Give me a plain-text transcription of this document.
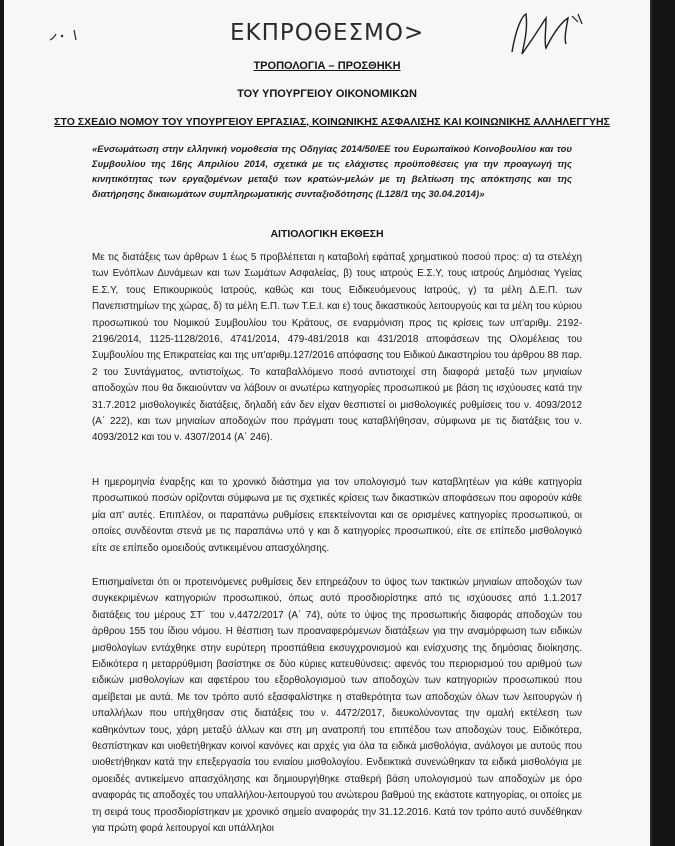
ΕΚΠΡΟΘΕΣΜΟ>
ΤΡΟΠΟΛΟΓΙΑ – ΠΡΟΣΘΗΚΗ
ΤΟΥ ΥΠΟΥΡΓΕΙΟΥ ΟΙΚΟΝΟΜΙΚΩΝ
ΣΤΟ ΣΧΕΔΙΟ ΝΟΜΟΥ ΤΟΥ ΥΠΟΥΡΓΕΙΟΥ ΕΡΓΑΣΙΑΣ, ΚΟΙΝΩΝΙΚΗΣ ΑΣΦΑΛΙΣΗΣ ΚΑΙ ΚΟΙΝΩΝΙΚΗΣ ΑΛΛΗΛΕΓΓΥΗΣ
«Ενσωμάτωση στην ελληνική νομοθεσία της Οδηγίας 2014/50/ΕΕ του Ευρωπαϊκού Κοινοβουλίου και του Συμβουλίου της 16ης Απριλίου 2014, σχετικά με τις ελάχιστες προϋποθέσεις για την προαγωγή της κινητικότητας των εργαζομένων μεταξύ των κρατών-μελών με τη βελτίωση της απόκτησης και της διατήρησης δικαιωμάτων συμπληρωματικής συνταξιοδότησης (L128/1 της 30.04.2014)»
ΑΙΤΙΟΛΟΓΙΚΗ ΕΚΘΕΣΗ
Με τις διατάξεις των άρθρων 1 έως 5 προβλέπεται η καταβολή εφάπαξ χρηματικού ποσού προς: α) τα στελέχη των Ενόπλων Δυνάμεων και των Σωμάτων Ασφαλείας, β) τους ιατρούς Ε.Σ.Υ, τους ιατρούς Δημόσιας Υγείας Ε.Σ.Υ, τους Επικουρικούς Ιατρούς, καθώς και τους Ειδικευόμενους Ιατρούς, γ) τα μέλη Δ.Ε.Π. των Πανεπιστημίων της χώρας, δ) τα μέλη Ε.Π. των Τ.Ε.Ι. και ε) τους δικαστικούς λειτουργούς και τα μέλη του κύριου προσωπικού του Νομικού Συμβουλίου του Κράτους, σε εναρμόνιση προς τις κρίσεις των υπ'αριθμ. 2192-2196/2014, 1125-1128/2016, 4741/2014, 479-481/2018 και 431/2018 αποφάσεων της Ολομέλειας του Συμβουλίου της Επικρατείας και της υπ'αριθμ.127/2016 απόφασης του Ειδικού Δικαστηρίου του άρθρου 88 παρ. 2 του Συντάγματος, αντιστοίχως. Το καταβαλλόμενο ποσό αντιστοιχεί στη διαφορά μεταξύ των μηνιαίων αποδοχών που θα δικαιούνταν να λάβουν οι ανωτέρω κατηγορίες προσωπικού με βάση τις ισχύουσες κατά την 31.7.2012 μισθολογικές διατάξεις, δηλαδή εάν δεν είχαν θεσπιστεί οι μισθολογικές ρυθμίσεις του ν. 4093/2012 (Α΄ 222), και των μηνιαίων αποδοχών που πράγματι τους καταβλήθησαν, σύμφωνα με τις διατάξεις του ν. 4093/2012 και του ν. 4307/2014 (Α΄ 246).
Η ημερομηνία έναρξης και το χρονικό διάστημα για τον υπολογισμό των καταβλητέων για κάθε κατηγορία προσωπικού ποσών ορίζονται σύμφωνα με τις σχετικές κρίσεις των δικαστικών αποφάσεων που αφορούν κάθε μία απ' αυτές. Επιπλέον, οι παραπάνω ρυθμίσεις επεκτείνονται και σε ορισμένες κατηγορίες προσωπικού, οι οποίες συνδέονται στενά με τις παραπάνω υπό γ και δ κατηγορίες προσωπικού, είτε σε επίπεδο μισθολογικό είτε σε επίπεδο ομοειδούς αντικειμένου απασχόλησης.
Επισημαίνεται ότι οι προτεινόμενες ρυθμίσεις δεν επηρεάζουν το ύψος των τακτικών μηνιαίων αποδοχών των συγκεκριμένων κατηγοριών προσωπικού, όπως αυτό προσδιορίστηκε από τις ισχύουσες από 1.1.2017 διατάξεις του μέρους ΣΤ΄ του ν.4472/2017 (Α΄ 74), ούτε το ύψος της προσωπικής διαφοράς αποδοχών του άρθρου 155 του ίδιου νόμου. Η θέσπιση των προαναφερόμενων διατάξεων για την αναμόρφωση των ειδικών μισθολογίων εντάχθηκε στην ευρύτερη προσπάθεια εκσυγχρονισμού και ενίσχυσης της δημόσιας διοίκησης. Ειδικότερα η μεταρρύθμιση βασίστηκε σε δύο κύριες κατευθύνσεις: αφενός του περιορισμού του αριθμού των ειδικών μισθολογίων και αφετέρου του εξορθολογισμού των αποδοχών των κατηγοριών προσωπικού που αμείβεται με αυτά. Με τον τρόπο αυτό εξασφαλίστηκε η σταθερότητα των αποδοχών όλων των λειτουργών ή υπαλλήλων που υπήχθησαν στις διατάξεις του ν. 4472/2017, διευκολύνοντας την ομαλή εκτέλεση των καθηκόντων τους, χάρη μεταξύ άλλων και στη μη ανατροπή του επιπέδου των αποδοχών τους. Ειδικότερα, θεσπίστηκαν και υιοθετήθηκαν κοινοί κανόνες και αρχές για όλα τα ειδικά μισθολόγια, ανάλογοι με αυτούς που υιοθετήθηκαν κατά την επεξεργασία του ενιαίου μισθολογίου. Ενδεικτικά συνενώθηκαν τα ειδικά μισθολόγια με ομοειδές αντικείμενο απασχόλησης και δημιουργήθηκε σταθερή βάση υπολογισμού των αποδοχών με όρο αναφοράς τις αποδοχές του υπαλλήλου-λειτουργού του ανώτερου βαθμού της εκάστοτε κατηγορίας, οι οποίες με τη σειρά τους προσδιορίστηκαν με χρονικό σημείο αναφοράς την 31.12.2016. Κατά τον τρόπο αυτό συνδέθηκαν για πρώτη φορά λειτουργοί και υπάλληλοι
